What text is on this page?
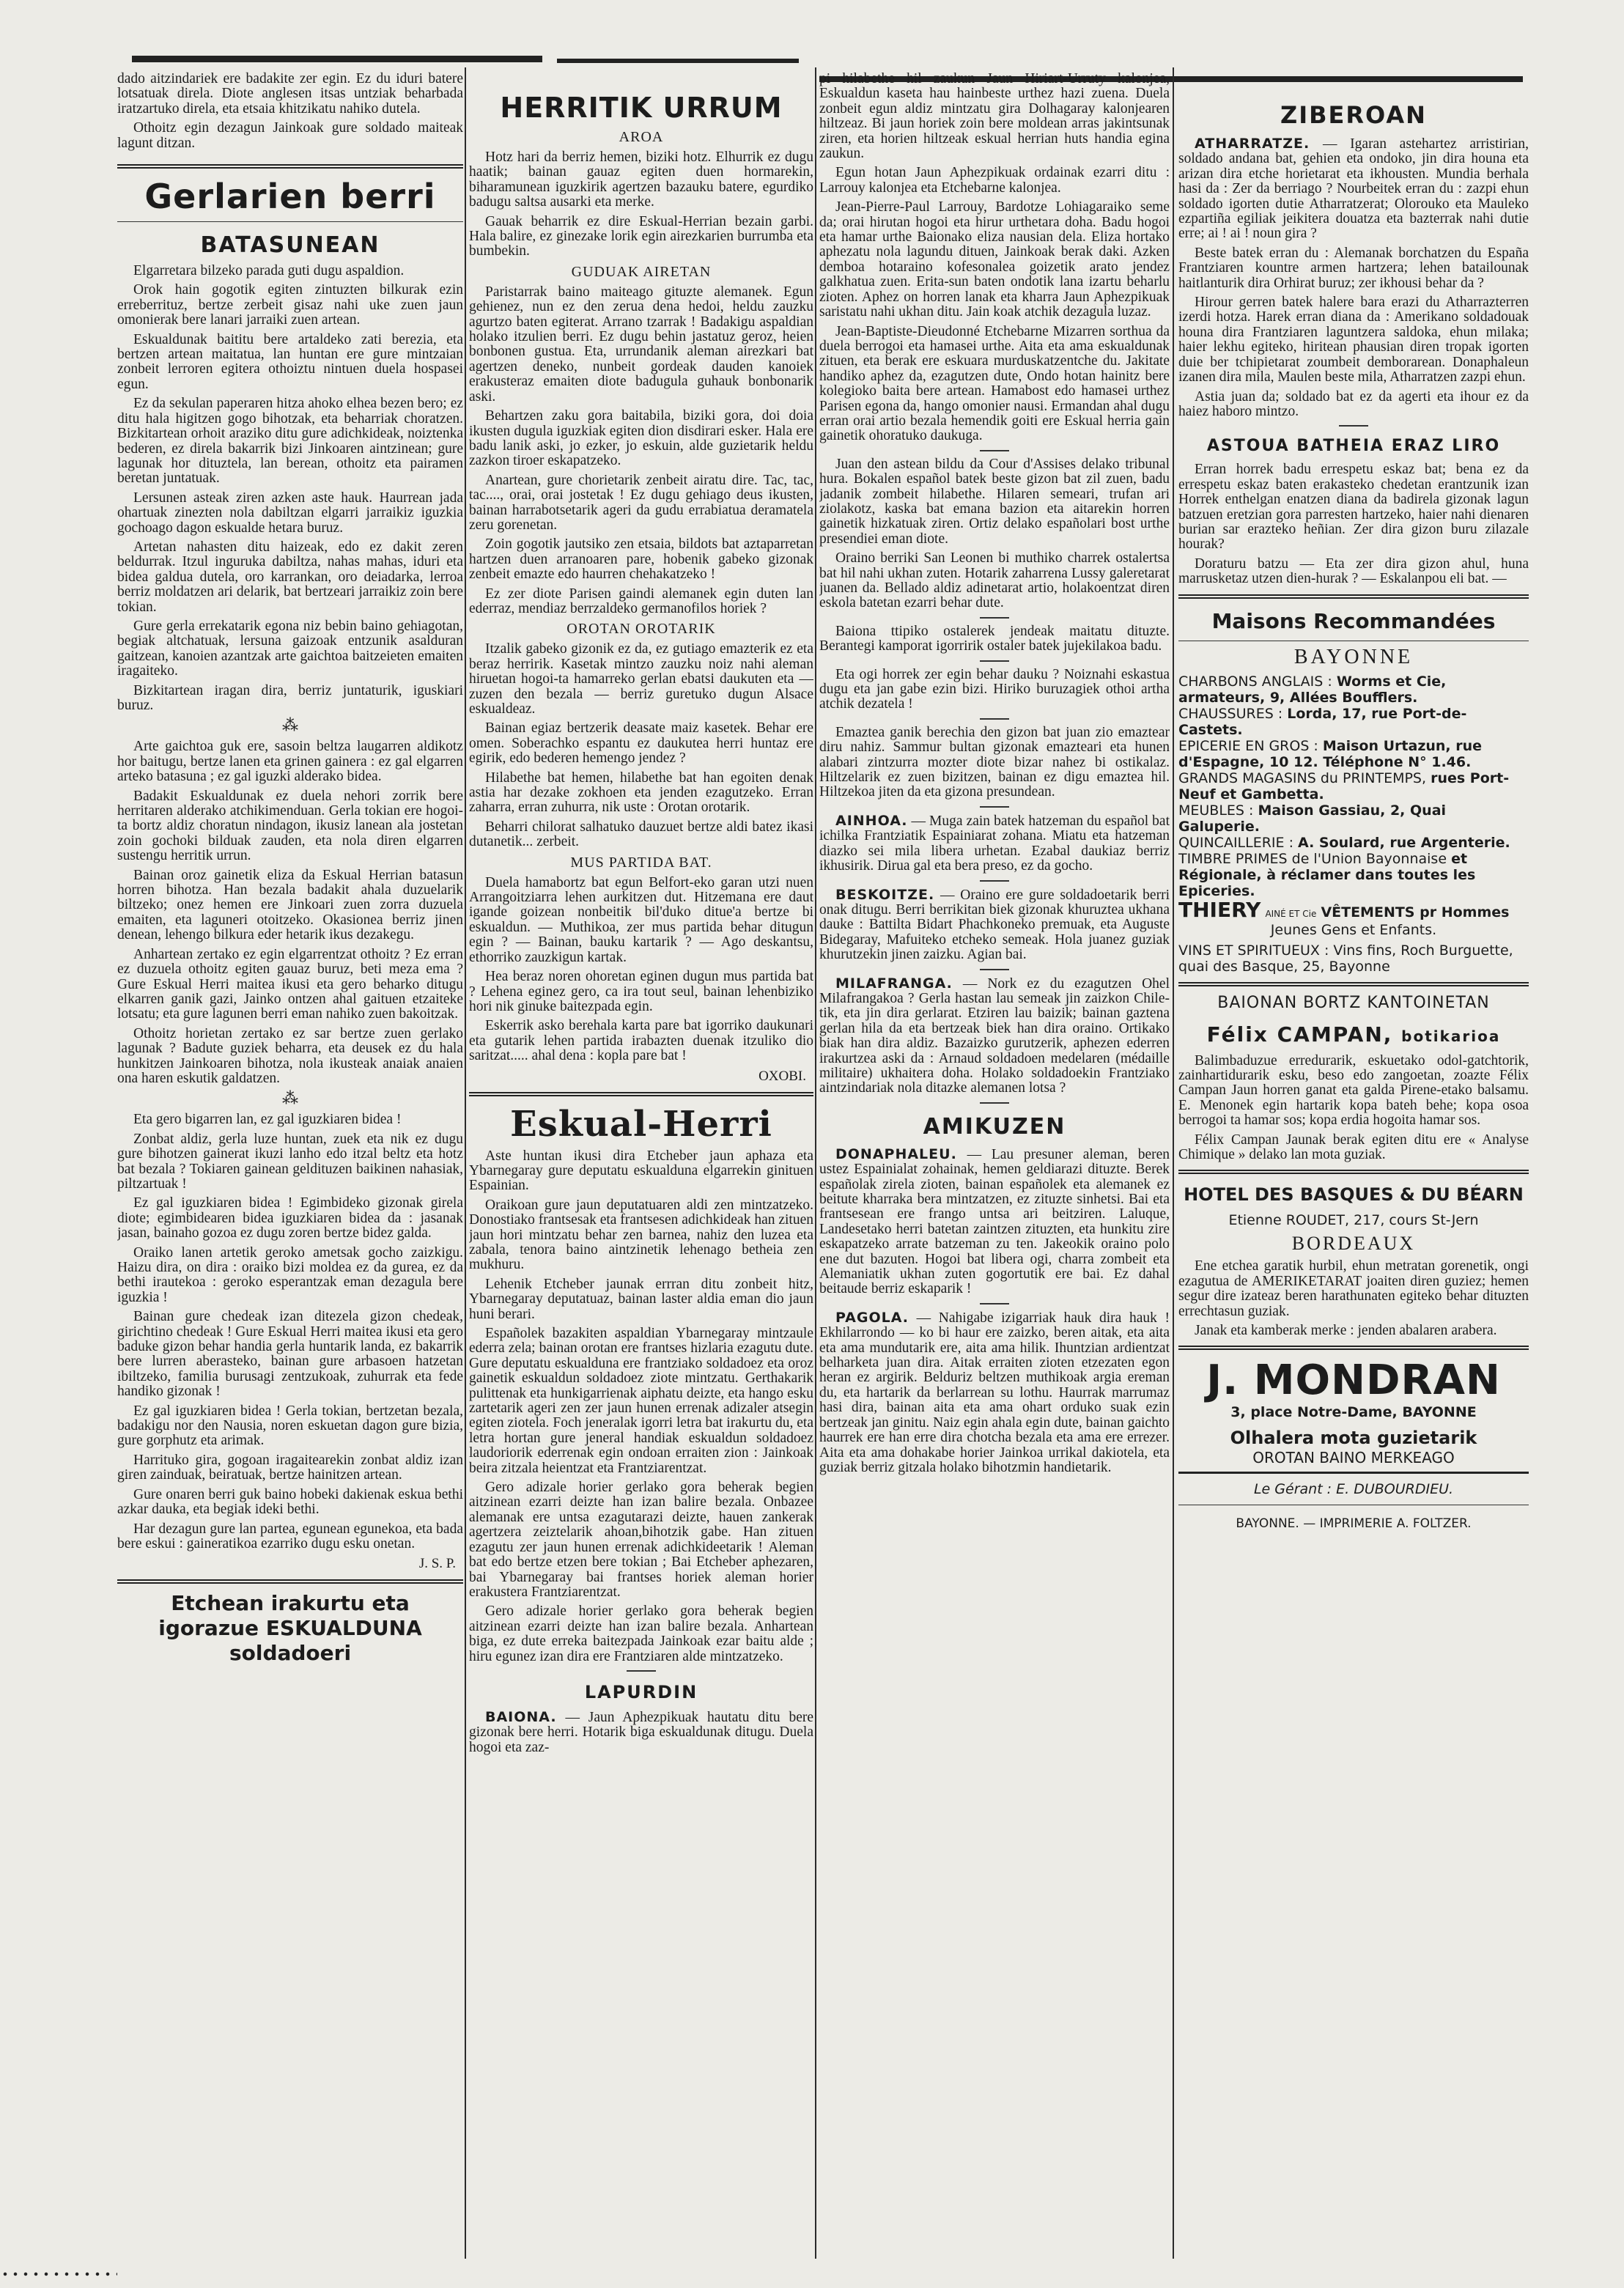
dado aitzindariek ere badakite zer egin. Ez du iduri batere lotsatuak direla. Diote anglesen itsas untziak beharbada iratzartuko direla, eta etsaia khitzikatu nahiko dutela.

Othoitz egin dezagun Jainkoak gure soldado maiteak lagunt ditzan.

Gerlarien berri
BATASUNEAN

Elgarretara bilzeko parada guti dugu aspaldion.

Orok hain gogotik egiten zintuzten bilkurak ezin erreberrituz, bertze zerbeit gisaz nahi uke zuen jaun omonierak bere lanari jarraiki zuen artean.

Eskualdunak baititu bere artaldeko zati berezia, eta bertzen artean maitatua, lan huntan ere gure mintzaian zonbeit lerroren egitera othoiztu nintuen duela hospasei egun.

Ez da sekulan paperaren hitza ahoko elhea bezen bero; ez ditu hala higitzen gogo bihotzak, eta beharriak choratzen. Bizkitartean orhoit araziko ditu gure adichkideak, noiztenka bederen, ez direla bakarrik bizi Jinkoaren aintzinean; gure lagunak hor dituztela, lan berean, othoitz eta pairamen beretan juntatuak.

Lersunen asteak ziren azken aste hauk. Haurrean jada ohartuak zinezten nola dabiltzan elgarri jarraikiz iguzkia gochoago dagon eskualde hetara buruz.

Artetan nahasten ditu haizeak, edo ez dakit zeren beldurrak. Itzul inguruka dabiltza, nahas mahas, iduri eta bidea galdua dutela, oro karrankan, oro deiadarka, lerroa berriz moldatzen ari delarik, bat bertzeari jarraikiz zoin bere tokian.

Gure gerla errekatarik egona niz bebin baino gehiagotan, begiak altchatuak, lersuna gaizoak entzunik asalduran gaitzean, kanoien azantzak arte gaichtoa baitzeieten emaiten iragaiteko.

Bizkitartean iragan dira, berriz juntaturik, iguskiari buruz.

⁂

Arte gaichtoa guk ere, sasoin beltza laugarren aldikotz hor baitugu, bertze lanen eta grinen gainera : ez gal elgarren arteko batasuna ; ez gal iguzki alderako bidea.

Badakit Eskualdunak ez duela nehori zorrik bere herritaren alderako atchikimenduan. Gerla tokian ere hogoi-ta bortz aldiz choratun nindagon, ikusiz lanean ala jostetan zoin gochoki bilduak zauden, eta nola diren elgarren sustengu herritik urrun.

Bainan oroz gainetik eliza da Eskual Herrian batasun horren bihotza. Han bezala badakit ahala duzuelarik biltzeko; onez hemen ere Jinkoari zuen zorra duzuela emaiten, eta laguneri otoitzeko. Okasionea berriz jinen denean, lehengo bilkura eder hetarik ikus dezakegu.

Anhartean zertako ez egin elgarrentzat othoitz ? Ez erran ez duzuela othoitz egiten gauaz buruz, beti meza ema ? Gure Eskual Herri maitea ikusi eta gero beharko ditugu elkarren ganik gazi, Jainko ontzen ahal gaituen etzaiteke lotsatu; eta gure lagunen berri eman nahiko zuen bakoitzak.

Othoitz horietan zertako ez sar bertze zuen gerlako lagunak ? Badute guziek beharra, eta deusek ez du hala hunkitzen Jainkoaren bihotza, nola ikusteak anaiak anaien ona haren eskutik galdatzen.

⁂

Eta gero bigarren lan, ez gal iguzkiaren bidea !

Zonbat aldiz, gerla luze huntan, zuek eta nik ez dugu gure bihotzen gainerat ikuzi lanho edo itzal beltz eta hotz bat bezala ? Tokiaren gainean geldituzen baikinen nahasiak, piltzartuak !

Ez gal iguzkiaren bidea ! Egimbideko gizonak girela diote; egimbidearen bidea iguzkiaren bidea da : jasanak jasan, bainaho gozoa ez dugu zoren bertze bidez galda.

Oraiko lanen artetik geroko ametsak gocho zaizkigu. Haizu dira, on dira : oraiko bizi moldea ez da gurea, ez da bethi irautekoa : geroko esperantzak eman dezagula bere iguzkia !

Bainan gure chedeak izan ditezela gizon chedeak, girichtino chedeak ! Gure Eskual Herri maitea ikusi eta gero baduke gizon behar handia gerla huntarik landa, ez bakarrik bere lurren aberasteko, bainan gure arbasoen hatzetan ibiltzeko, familia burusagi zentzukoak, zuhurrak eta fede handiko gizonak !

Ez gal iguzkiaren bidea ! Gerla tokian, bertzetan bezala, badakigu nor den Nausia, noren eskuetan dagon gure bizia, gure gorphutz eta arimak.

Harrituko gira, gogoan iragaitearekin zonbat aldiz izan giren zainduak, beiratuak, bertze hainitzen artean.

Gure onaren berri guk baino hobeki dakienak eskua bethi azkar dauka, eta begiak ideki bethi.

Har dezagun gure lan partea, egunean egunekoa, eta bada bere eskui : gaineratikoa ezarriko dugu esku onetan.

J. S. P.
Etchean irakurtu eta
igorazue ESKUALDUNA
soldadoeri
HERRITIK URRUM
AROA

Hotz hari da berriz hemen, biziki hotz. Elhurrik ez dugu haatik; bainan gauaz egiten duen hormarekin, biharamunean iguzkirik agertzen bazauku batere, egurdiko badugu saltsa ausarki eta merke.

Gauak beharrik ez dire Eskual-Herrian bezain garbi. Hala balire, ez ginezake lorik egin airezkarien burrumba eta bumbekin.

GUDUAK AIRETAN

Paristarrak baino maiteago gituzte alemanek. Egun gehienez, nun ez den zerua dena hedoi, heldu zauzku agurtzo baten egiterat. Arrano tzarrak ! Badakigu aspaldian holako itzulien berri. Ez dugu behin jastatuz geroz, heien bonbonen gustua. Eta, urrundanik aleman airezkari bat agertzen deneko, nunbeit gordeak dauden kanoiek erakusteraz emaiten diote badugula guhauk bonbonarik aski.

Behartzen zaku gora baitabila, biziki gora, doi doia ikusten dugula iguzkiak egiten dion disdirari esker. Hala ere badu lanik aski, jo ezker, jo eskuin, alde guzietarik heldu zazkon tiroer eskapatzeko.

Anartean, gure chorietarik zenbeit airatu dire. Tac, tac, tac...., orai, orai jostetak ! Ez dugu gehiago deus ikusten, bainan harrabotsetarik ageri da gudu errabiatua deramatela zeru gorenetan.

Zoin gogotik jautsiko zen etsaia, bildots bat aztaparretan hartzen duen arranoaren pare, hobenik gabeko gizonak zenbeit emazte edo haurren chehakatzeko !

Ez zer diote Parisen gaindi alemanek egin duten lan ederraz, mendiaz berrzaldeko germanofilos horiek ?

OROTAN OROTARIK

Itzalik gabeko gizonik ez da, ez gutiago emazterik ez eta beraz herririk. Kasetak mintzo zauzku noiz nahi aleman hiruetan hogoi-ta hamarreko gerlan ebatsi daukuten eta — zuzen den bezala — berriz guretuko dugun Alsace eskualdeaz.

Bainan egiaz bertzerik deasate maiz kasetek. Behar ere omen. Soberachko espantu ez daukutea herri huntaz ere egirik, edo bederen hemengo jendez ?

Hilabethe bat hemen, hilabethe bat han egoiten denak astia har dezake zokhoen eta jenden ezagutzeko. Erran zaharra, erran zuhurra, nik uste : Orotan orotarik.

Beharri chilorat salhatuko dauzuet bertze aldi batez ikasi dutanetik... zerbeit.

MUS PARTIDA BAT.

Duela hamabortz bat egun Belfort-eko garan utzi nuen Arrangoitziarra lehen aurkitzen dut. Hitzemana ere daut igande goizean nonbeitik bil'duko ditue'a bertze bi eskualdun. — Muthikoa, zer mus partida behar ditugun egin ? — Bainan, bauku kartarik ? — Ago deskantsu, ethorriko zauzkigun kartak.

Hea beraz noren ohoretan eginen dugun mus partida bat ? Lehena eginez gero, ca ira tout seul, bainan lehenbiziko hori nik ginuke baitezpada egin.

Eskerrik asko berehala karta pare bat igorriko daukunari eta gutarik lehen partida irabazten duenak itzuliko dio saritzat..... ahal dena : kopla pare bat !

OXOBI.
Eskual-Herri

Aste huntan ikusi dira Etcheber jaun aphaza eta Ybarnegaray gure deputatu eskualduna elgarrekin ginituen Espainian.

Oraikoan gure jaun deputatuaren aldi zen mintzatzeko. Donostiako frantsesak eta frantsesen adichkideak han zituen jaun hori mintzatu behar zen barnea, nahiz den luzea eta zabala, tenora baino aintzinetik lehenago betheia zen mukhuru.

Lehenik Etcheber jaunak errran ditu zonbeit hitz, Ybarnegaray deputatuaz, bainan laster aldia eman dio jaun huni berari.

Españolek bazakiten aspaldian Ybarnegaray mintzaule ederra zela; bainan orotan ere frantses hizlaria ezagutu dute. Gure deputatu eskualduna ere frantziako soldadoez eta oroz gainetik eskualdun soldadoez ziote mintzatu. Gerthakarik pulittenak eta hunkigarrienak aiphatu deizte, eta hango esku zartetarik ageri zen zer jaun hunen errenak adizaler atsegin egiten ziotela. Foch jeneralak igorri letra bat irakurtu du, eta letra hortan gure jeneral handiak eskualdun soldadoez laudoriorik ederrenak egin ondoan erraiten zion : Jainkoak beira zitzala heientzat eta Frantziarentzat.

Gero adizale horier gerlako gora beherak begien aitzinean ezarri deizte han izan balire bezala. Onbazee alemanak ere untsa ezagutarazi deizte, hauen zankerak agertzera zeiztelarik ahoan,bihotzik gabe. Han zituen ezagutu zer jaun hunen errenak adichkideetarik ! Aleman bat edo bertze etzen bere tokian ; Bai Etcheber aphezaren, bai Ybarnegaray bai frantses horiek aleman horier erakustera Frantziarentzat.

Gero adizale horier gerlako gora beherak begien aitzinean ezarri deizte han izan balire bezala. Anhartean biga, ez dute erreka baitezpada Jainkoak ezar baitu alde ; hiru egunez izan dira ere Frantziaren alde mintzatzeko.

LAPURDIN

BAIONA. — Jaun Aphezpikuak hautatu ditu bere gizonak bere herri. Hotarik biga eskualdunak ditugu. Duela hogoi eta zaz-

pi hilabethe hil zaukun Jaun Hiriart-Urruty kalonjea, Eskualdun kaseta hau hainbeste urthez hazi zuena. Duela zonbeit egun aldiz mintzatu gira Dolhagaray kalonjearen hiltzeaz. Bi jaun horiek zoin bere moldean arras jakintsunak ziren, eta horien hiltzeak eskual herrian huts handia egina zaukun.

Egun hotan Jaun Aphezpikuak ordainak ezarri ditu : Larrouy kalonjea eta Etchebarne kalonjea.

Jean-Pierre-Paul Larrouy, Bardotze Lohiagaraiko seme da; orai hirutan hogoi eta hirur urthetara doha. Badu hogoi eta hamar urthe Baionako eliza nausian dela. Eliza hortako aphezatu nola lagundu dituen, Jainkoak berak daki. Azken demboa hotaraino kofesonalea goizetik arato jendez galkhatua zuen. Erita-sun baten ondotik lana izartu beharlu zioten. Aphez on horren lanak eta kharra Jaun Aphezpikuak saristatu nahi ukhan ditu. Jain koak atchik dezagula luzaz.

Jean-Baptiste-Dieudonné Etchebarne Mizarren sorthua da duela berrogoi eta hamasei urthe. Aita eta ama eskualdunak zituen, eta berak ere eskuara murduskatzentche du. Jakitate handiko aphez da, ezagutzen dute, Ondo hotan hainitz bere kolegioko baita bere artean. Hamabost edo hamasei urthez Parisen egona da, hango omonier nausi. Ermandan ahal dugu erran orai artio bezala hemendik goiti ere Eskual herria gain gainetik ohoratuko daukuga.

Juan den astean bildu da Cour d'Assises delako tribunal hura. Bokalen español batek beste gizon bat zil zuen, badu jadanik zombeit hilabethe. Hilaren semeari, trufan ari ziolakotz, kaska bat emana bazion eta aitarekin horren gainetik hizkatuak ziren. Ortiz delako españolari bost urthe presendiei eman diote.

Oraino berriki San Leonen bi muthiko charrek ostalertsa bat hil nahi ukhan zuten. Hotarik zaharrena Lussy galeretarat juanen da. Bellado aldiz adinetarat artio, holakoentzat diren eskola batetan ezarri behar dute.

Baiona ttipiko ostalerek jendeak maitatu dituzte. Berantegi kamporat igorririk ostaler batek jujekilakoa badu.

Eta ogi horrek zer egin behar dauku ? Noiznahi eskastua dugu eta jan gabe ezin bizi. Hiriko buruzagiek othoi artha atchik dezatela !

Emaztea ganik berechia den gizon bat juan zio emaztear diru nahiz. Sammur bultan gizonak emazteari eta hunen alabari zintzurra mozter diote bizar nahez bi ostikalaz. Hiltzelarik ez zuen bizitzen, bainan ez digu emaztea hil. Hiltzekoa jiten da eta gizona presundean.

AINHOA. — Muga zain batek hatzeman du español bat ichilka Frantziatik Espainiarat zohana. Miatu eta hatzeman diazko sei mila libera urhetan. Ezabal daukiaz berriz ikhusirik. Dirua gal eta bera preso, ez da gocho.

BESKOITZE. — Oraino ere gure soldadoetarik berri onak ditugu. Berri berrikitan biek gizonak khuruztea ukhana dauke : Battilta Bidart Phachkoneko premuak, eta Auguste Bidegaray, Mafuiteko etcheko semeak. Hola juanez guziak khurutzekin jinen zaizku. Agian bai.

MILAFRANGA. — Nork ez du ezagutzen Ohel Milafrangakoa ? Gerla hastan lau semeak jin zaizkon Chile-tik, eta jin dira gerlarat. Etziren lau baizik; bainan gaztena gerlan hila da eta bertzeak biek han dira oraino. Ortikako biak han dira aldiz. Bazaizko gurutzerik, aphezen ederren irakurtzea aski da : Arnaud soldadoen medelaren (médaille militaire) ukhaitera doha. Holako soldadoekin Frantziako aintzindariak nola ditazke alemanen lotsa ?

AMIKUZEN

DONAPHALEU. — Lau presuner aleman, beren ustez Espainialat zohainak, hemen geldiarazi dituzte. Berek españolak zirela zioten, bainan españolek eta alemanek ez beitute kharraka bera mintzatzen, ez zituzte sinhetsi. Bai eta frantsesean ere frango untsa ari beitziren. Laluque, Landesetako herri batetan zaintzen zituzten, eta hunkitu zire eskapatzeko arrate batzeman zu ten. Jakeokik oraino polo ene dut bazuten. Hogoi bat libera ogi, charra zombeit eta Alemaniatik ukhan zuten gogortutik ere bai. Ez dahal beitaude berriz eskaparik !

PAGOLA. — Nahigabe izigarriak hauk dira hauk ! Ekhilarrondo — ko bi haur ere zaizko, beren aitak, eta aita eta ama mundutarik ere, aita ama hilik. Ihuntzian ardientzat belharketa juan dira. Aitak erraiten zioten etzezaten egon heran ez argirik. Belduriz beltzen muthikoak argia ereman du, eta hartarik da berlarrean su lothu. Haurrak marrumaz hasi dira, bainan aita eta ama ohart orduko suak ezin bertzeak jan ginitu. Naiz egin ahala egin dute, bainan gaichto haurrek ere han erre dira chotcha bezala eta ama ere errezer. Aita eta ama dohakabe horier Jainkoa urrikal dakiotela, eta guziak berriz gitzala holako bihotzmin handietarik.

ZIBEROAN

ATHARRATZE. — Igaran astehartez arristirian, soldado andana bat, gehien eta ondoko, jin dira houna eta arizan dira etche horietarat eta ikhousten. Mundia berhala hasi da : Zer da berriago ? Nourbeitek erran du : zazpi ehun soldado igorten dutie Atharratzerat; Olorouko eta Mauleko ezpartiña egiliak jeikitera douatza eta bazterrak nahi dutie erre; ai ! ai ! noun gira ?

Beste batek erran du : Alemanak borchatzen du España Frantziaren kountre armen hartzera; lehen batailounak haitlanturik dira Orhirat buruz; zer ikhousi behar da ?

Hirour gerren batek halere bara erazi du Atharrazterren izerdi hotza. Harek erran diana da : Amerikano soldadouak houna dira Frantziaren laguntzera saldoka, ehun milaka; haier lekhu egiteko, hiritean phausian diren tropak igorten duie ber tchipietarat zoumbeit demborarean. Donaphaleun izanen dira mila, Maulen beste mila, Atharratzen zazpi ehun.

Astia juan da; soldado bat ez da agerti eta ihour ez da haiez haboro mintzo.

ASTOUA BATHEIA ERAZ LIRO

Erran horrek badu errespetu eskaz bat; bena ez da errespetu eskaz baten erakasteko chedetan erantzunik izan Horrek enthelgan enatzen diana da badirela gizonak lagun batzuen eretzian gora parresten hartzeko, haier nahi dienaren burian sar erazteko heñian. Zer dira gizon buru zilazale hourak?

Doraturu batzu — Eta zer dira gizon ahul, huna marrusketaz utzen dien-hurak ? — Eskalanpou eli bat. —

Maisons Recommandées
BAYONNE

CHARBONS ANGLAIS : Worms et Cie, armateurs, 9, Allées Boufflers.

CHAUSSURES : Lorda, 17, rue Port-de-Castets.

EPICERIE EN GROS : Maison Urtazun, rue d'Espagne, 10 12. Téléphone N° 1.46.

GRANDS MAGASINS du PRINTEMPS, rues Port-Neuf et Gambetta.

MEUBLES : Maison Gassiau, 2, Quai Galuperie.

QUINCAILLERIE : A. Soulard, rue Argenterie.

TIMBRE PRIMES de l'Union Bayonnaise et Régionale, à réclamer dans toutes les Epiceries.

THIERY AINÉ ET Cie VÊTEMENTS pr Hommes

Jeunes Gens et Enfants.

VINS ET SPIRITUEUX : Vins fins, Roch Burguette, quai des Basque, 25, Bayonne

BAIONAN BORTZ KANTOINETAN
Félix CAMPAN, botikarioa

Balimbaduzue erredurarik, eskuetako odol-gatchtorik, zainhartidurarik esku, beso edo zangoetan, zoazte Félix Campan Jaun horren ganat eta galda Pirene-etako balsamu. E. Menonek egin hartarik kopa bateh behe; kopa osoa berrogoi ta hamar sos; kopa erdia hogoita hamar sos.

Félix Campan Jaunak berak egiten ditu ere « Analyse Chimique » delako lan mota guziak.

HOTEL DES BASQUES & DU BÉARN

Etienne ROUDET, 217, cours St-Jern

BORDEAUX

Ene etchea garatik hurbil, ehun metratan gorenetik, ongi ezagutua de AMERIKETARAT joaiten diren guziez; hemen segur dire izateaz beren harathunaten egiteko behar dituzten errechtasun guziak.

Janak eta kamberak merke : jenden abalaren arabera.

J. MONDRAN

3, place Notre-Dame, BAYONNE

Olhalera mota guzietarik

OROTAN BAINO MERKEAGO

Le Gérant : E. DUBOURDIEU.

BAYONNE. — IMPRIMERIE A. FOLTZER.
